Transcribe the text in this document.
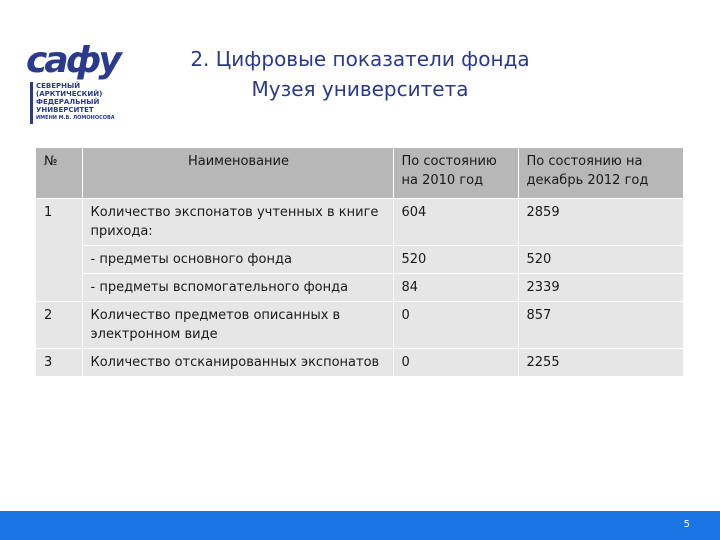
сафу
СЕВЕРНЫЙ
(АРКТИЧЕСКИЙ)
ФЕДЕРАЛЬНЫЙ
УНИВЕРСИТЕТ
ИМЕНИ М.В. ЛОМОНОСОВА
2. Цифровые показатели фонда
Музея университета
№	Наименование	По состоянию на 2010 год	По состоянию на декабрь 2012 год
1	Количество экспонатов учтенных в книге прихода:	604	2859
	- предметы основного фонда	520	520
	- предметы вспомогательного фонда	84	2339
2	Количество предметов описанных в электронном виде	0	857
3	Количество отсканированных экспонатов	0	2255
5
